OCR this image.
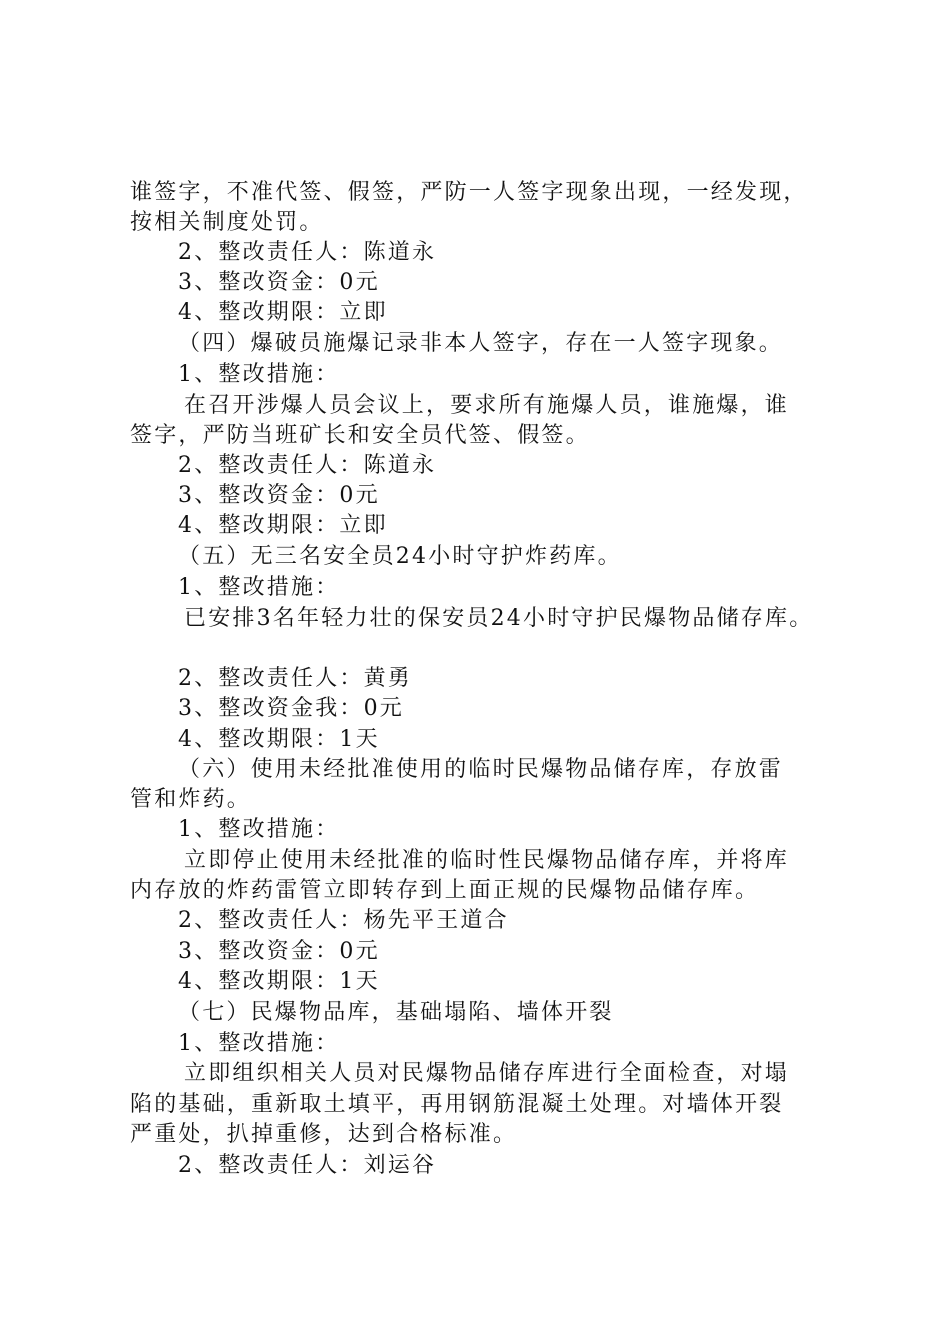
谁签字，不准代签、假签，严防一人签字现象出现，一经发现，
按相关制度处罚。
2、整改责任人：陈道永
3、整改资金：0元
4、整改期限：立即
（四）爆破员施爆记录非本人签字，存在一人签字现象。
1、整改措施：
在召开涉爆人员会议上，要求所有施爆人员，谁施爆，谁
签字，严防当班矿长和安全员代签、假签。
2、整改责任人：陈道永
3、整改资金：0元
4、整改期限：立即
（五）无三名安全员24小时守护炸药库。
1、整改措施：
已安排3名年轻力壮的保安员24小时守护民爆物品储存库。
2、整改责任人：黄勇
3、整改资金我：0元
4、整改期限：1天
（六）使用未经批准使用的临时民爆物品储存库，存放雷
管和炸药。
1、整改措施：
立即停止使用未经批准的临时性民爆物品储存库，并将库
内存放的炸药雷管立即转存到上面正规的民爆物品储存库。
2、整改责任人：杨先平王道合
3、整改资金：0元
4、整改期限：1天
（七）民爆物品库，基础塌陷、墙体开裂
1、整改措施：
立即组织相关人员对民爆物品储存库进行全面检查，对塌
陷的基础，重新取土填平，再用钢筋混凝土处理。对墙体开裂
严重处，扒掉重修，达到合格标准。
2、整改责任人：刘运谷
